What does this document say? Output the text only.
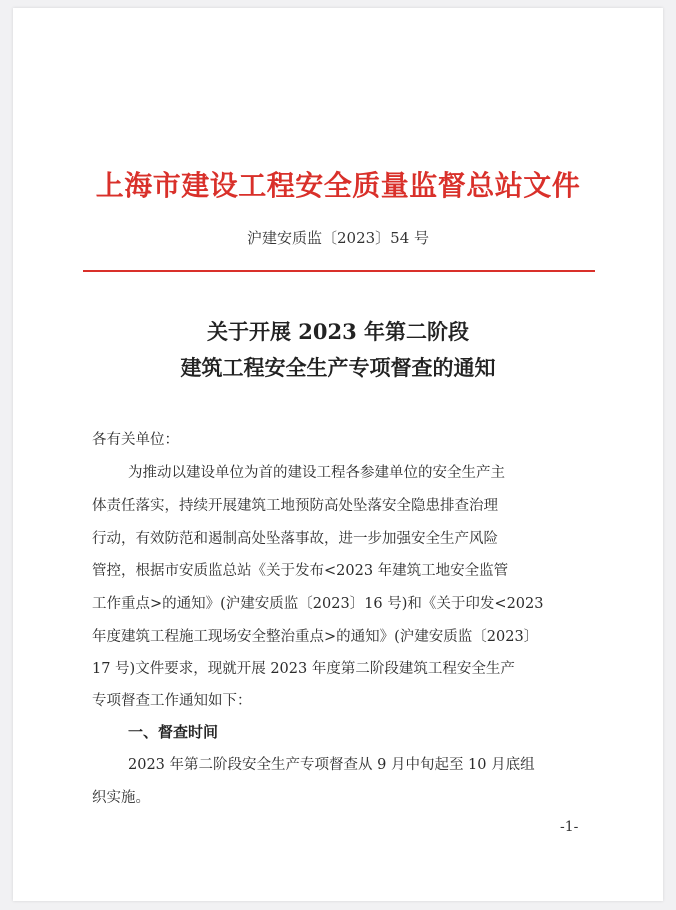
上海市建设工程安全质量监督总站文件
沪建安质监〔2023〕54 号
关于开展 2023 年第二阶段
建筑工程安全生产专项督查的通知
各有关单位：
为推动以建设单位为首的建设工程各参建单位的安全生产主
体责任落实，持续开展建筑工地预防高处坠落安全隐患排查治理
行动，有效防范和遏制高处坠落事故，进一步加强安全生产风险
管控，根据市安质监总站《关于发布<2023 年建筑工地安全监管
工作重点>的通知》(沪建安质监〔2023〕16 号)和《关于印发<2023
年度建筑工程施工现场安全整治重点>的通知》(沪建安质监〔2023〕
17 号)文件要求，现就开展 2023 年度第二阶段建筑工程安全生产
专项督查工作通知如下：
一、督查时间
2023 年第二阶段安全生产专项督查从 9 月中旬起至 10 月底组
织实施。
-1-
